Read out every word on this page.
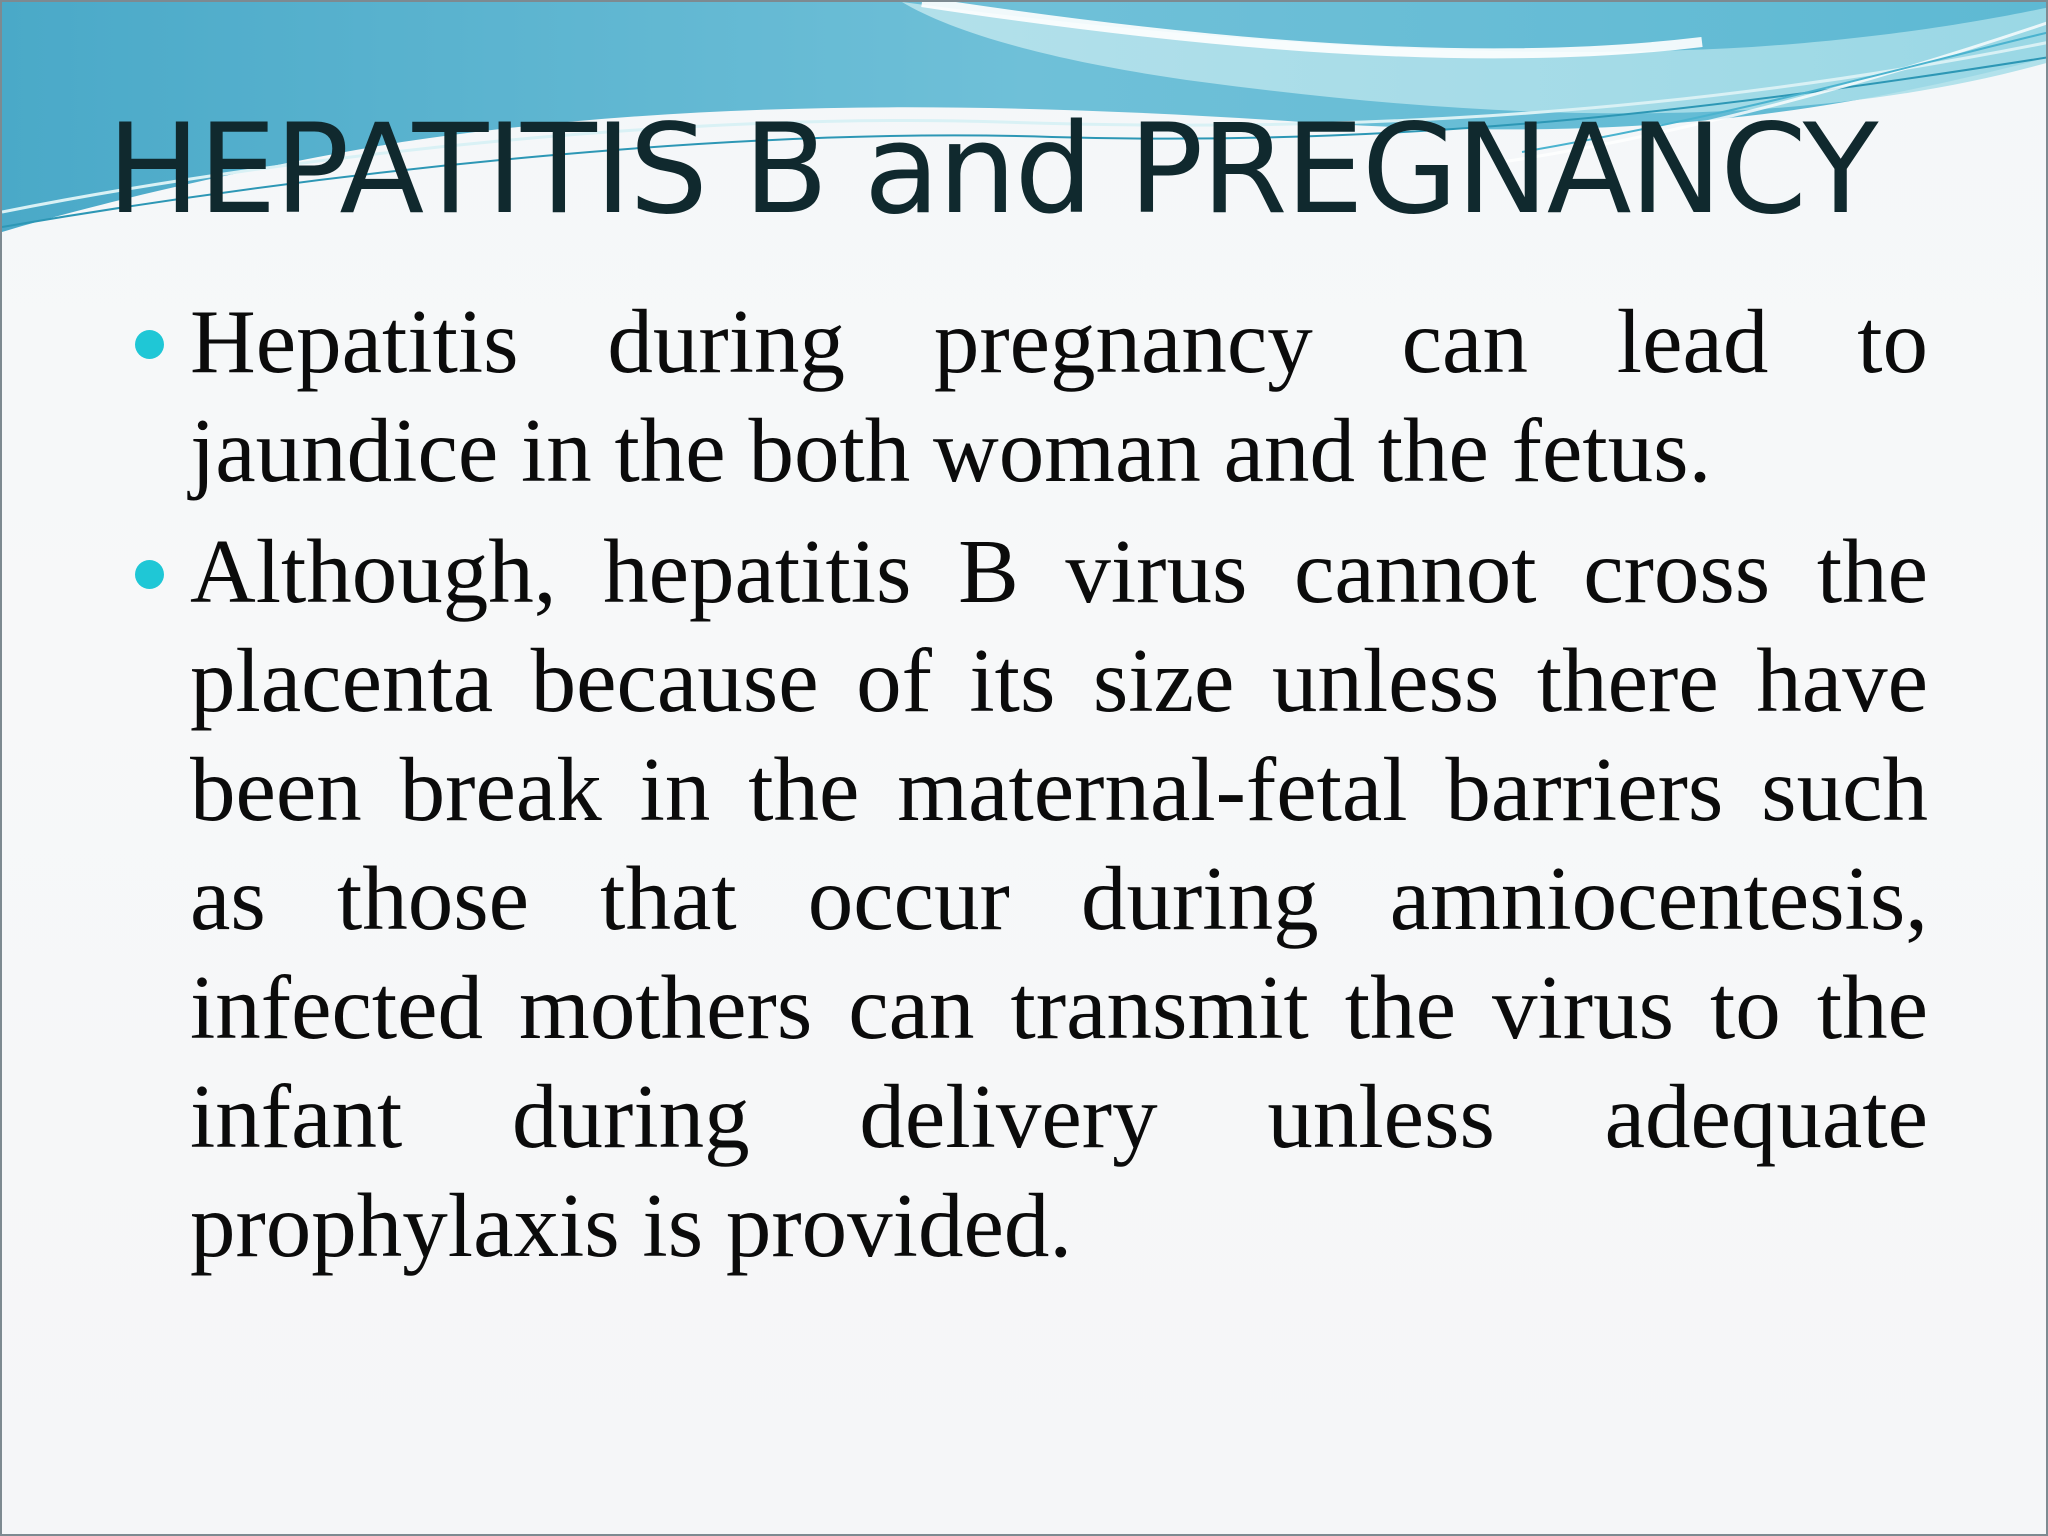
HEPATITIS B and PREGNANCY
Hepatitis during pregnancy can lead to jaundice in the both woman and the fetus.
Although, hepatitis B virus cannot cross the placenta because of its size unless there have been break in the maternal-fetal barriers such as those that occur during amniocentesis, infected mothers can transmit the virus to the infant during delivery unless adequate prophylaxis is provided.
